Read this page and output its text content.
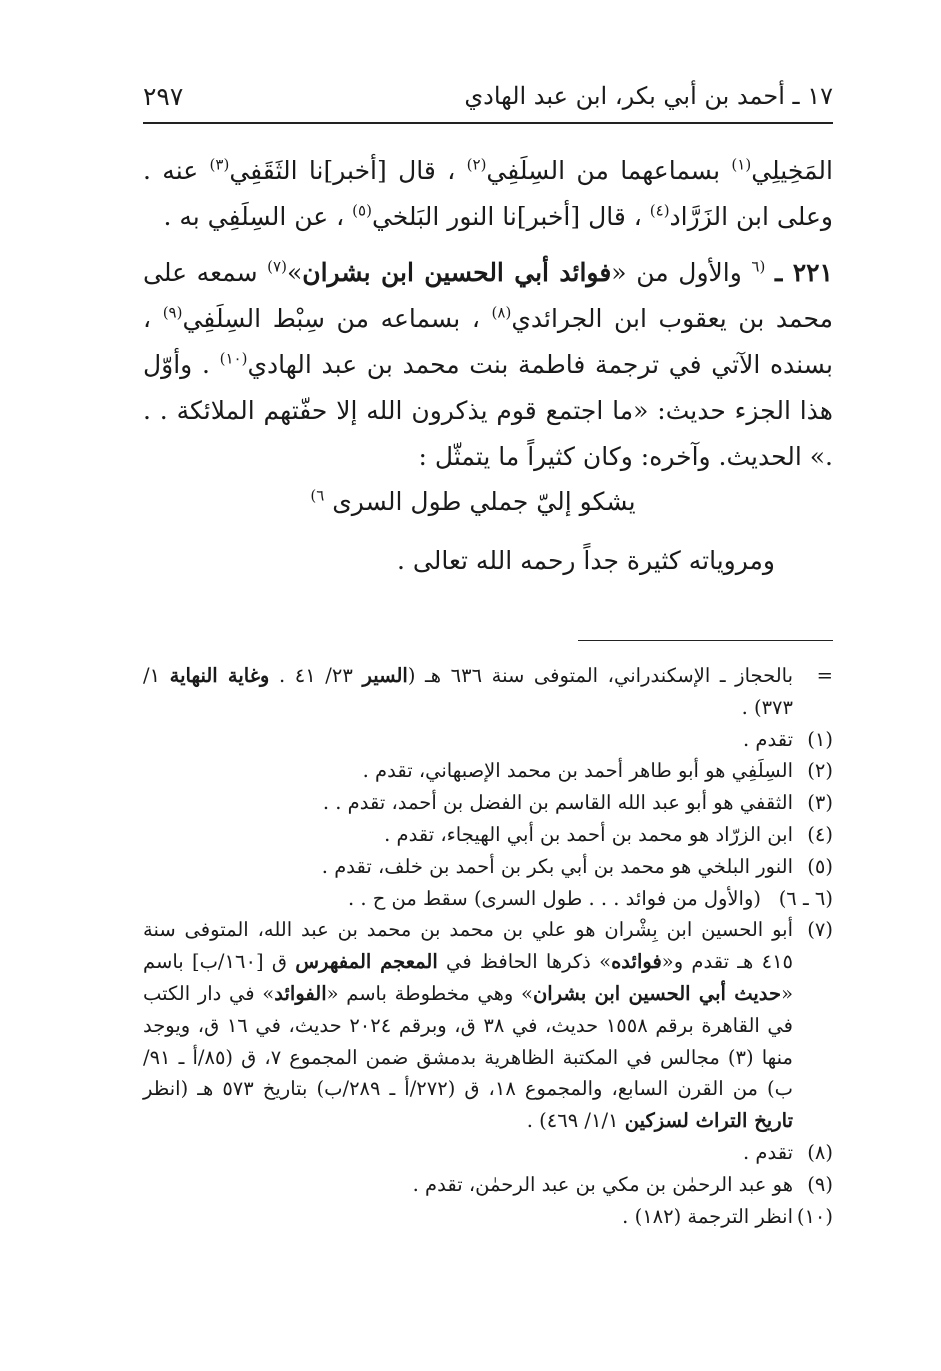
١٧ ـ أحمد بن أبي بكر، ابن عبد الهادي
٢٩٧

المَخِيلِي$^{(١)}$ بسماعهما من السِلَفِي$^{(٢)}$ ، قال [أخبر]نا الثَقَفِي$^{(٣)}$ عنه . وعلى ابن الزَرَّاد$^{(٤)}$ ، قال [أخبر]نا النور البَلخي$^{(٥)}$ ، عن السِلَفِي به .

٢٢١ ـ $^{(٦}$ والأول من «فوائد أبي الحسين ابن بشران»$^{(٧)}$ سمعه على محمد بن يعقوب ابن الجرائدي$^{(٨)}$ ، بسماعه من سِبْط السِلَفِي$^{(٩)}$ ، بسنده الآتي في ترجمة فاطمة بنت محمد بن عبد الهادي$^{(١٠)}$ . وأوّل هذا الجزء حديث: «ما اجتمع قوم يذكرون الله إلا حفّتهم الملائكة . . .» الحديث. وآخره: وكان كثيراً ما يتمثّل :

يشكو إليّ جملي طول السرى $^{٦)}$
ومروياته كثيرة جداً رحمه الله تعالى .
=
بالحجاز ـ الإسكندراني، المتوفى سنة ٦٣٦ هـ (السير ٢٣/ ٤١ . وغاية النهاية ١/ ٣٧٣) .
(١)
تقدم .
(٢)
السِلَفِي هو أبو طاهر أحمد بن محمد الإصبهاني، تقدم .
(٣)
الثقفي هو أبو عبد الله القاسم بن الفضل بن أحمد، تقدم . .
(٤)
ابن الزرّاد هو محمد بن أحمد بن أبي الهيجاء، تقدم .
(٥)
النور البلخي هو محمد بن أبي بكر بن أحمد بن خلف، تقدم .
(٦ ـ ٦)
(والأول من فوائد . . . طول السرى) سقط من ح . .
(٧)
أبو الحسين ابن بِشْران هو علي بن محمد بن محمد بن عبد الله، المتوفى سنة ٤١٥ هـ تقدم و«فوائده» ذكرها الحافظ في المعجم المفهرس ق [١٦٠/ب] باسم «حديث أبي الحسين ابن بشران» وهي مخطوطة باسم «الفوائد» في دار الكتب في القاهرة برقم ١٥٥٨ حديث، في ٣٨ ق، وبرقم ٢٠٢٤ حديث، في ١٦ ق، ويوجد منها (٣) مجالس في المكتبة الظاهرية بدمشق ضمن المجموع ٧، ق (٨٥/أ ـ ٩١/ب) من القرن السابع، والمجموع ١٨، ق (٢٧٢/أ ـ ٢٨٩/ب) بتاريخ ٥٧٣ هـ (انظر تاريخ التراث لسزكين ١/١/ ٤٦٩) .
(٨)
تقدم .
(٩)
هو عبد الرحمٰن بن مكي بن عبد الرحمٰن، تقدم .
(١٠)
انظر الترجمة (١٨٢) .
